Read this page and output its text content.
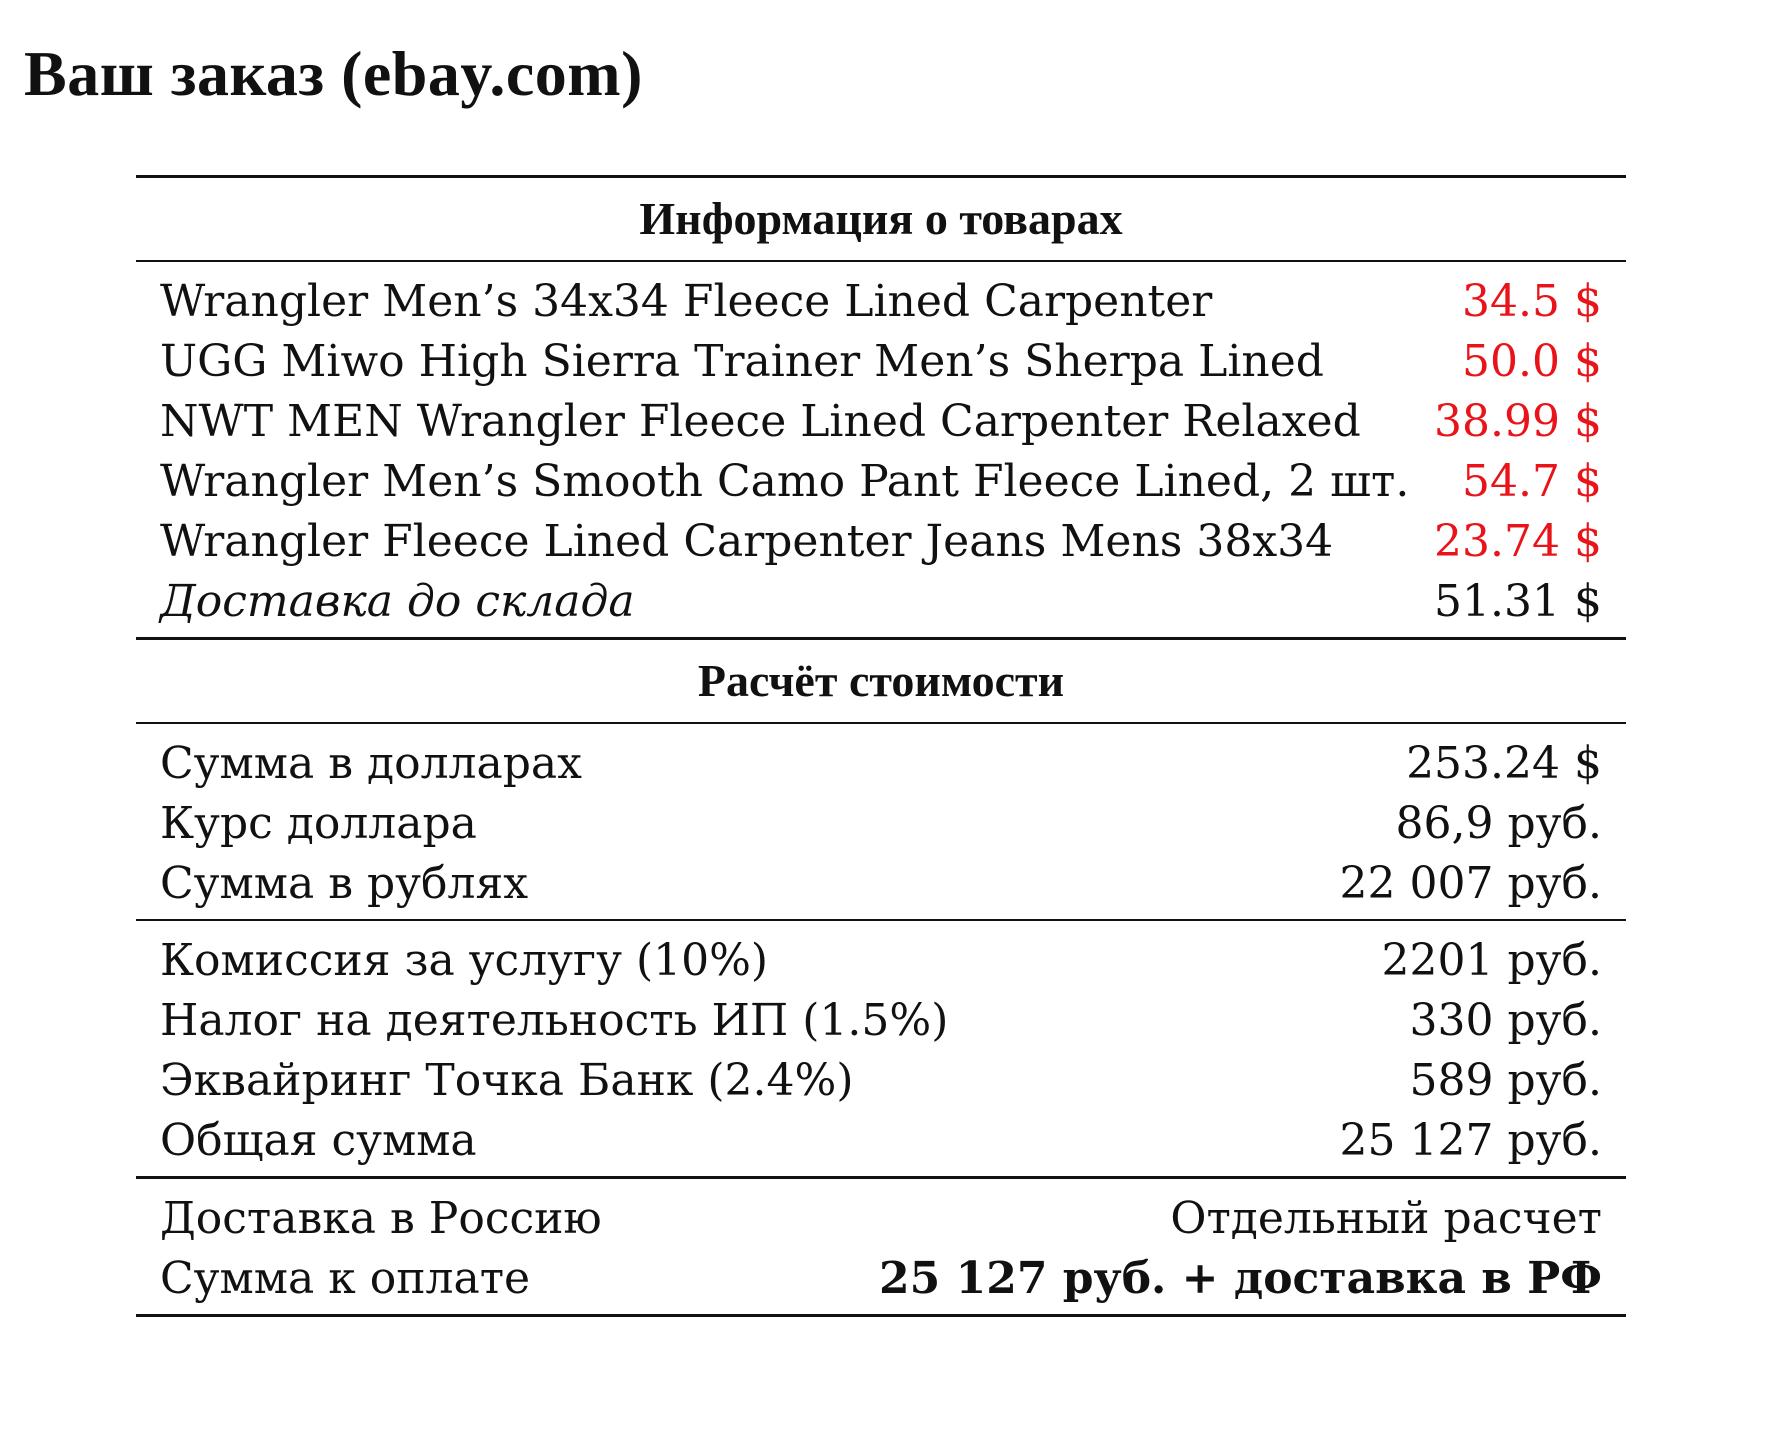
Ваш заказ (ebay.com)
Информация о товарах
Wrangler Men’s 34x34 Fleece Lined Carpenter	34.5 $
UGG Miwo High Sierra Trainer Men’s Sherpa Lined	50.0 $
NWT MEN Wrangler Fleece Lined Carpenter Relaxed 38.99 $
Wrangler Men’s Smooth Camo Pant Fleece Lined, 2 шт. 54.7 $
Wrangler Fleece Lined Carpenter Jeans Mens 38x34 23.74 $
Доставка до склада	51.31 $
Расчёт стоимости
Сумма в долларах	253.24 $
Курс доллара	86,9 руб.
Сумма в рублях	22 007 руб.
Комиссия за услугу (10%)	2201 руб.
Налог на деятельность ИП (1.5%)	330 руб.
Эквайринг Точка Банк (2.4%)	589 руб.
Общая сумма	25 127 руб.
Доставка в Россию	Отдельный расчет
Сумма к оплате	25 127 руб. + доставка в РФ
